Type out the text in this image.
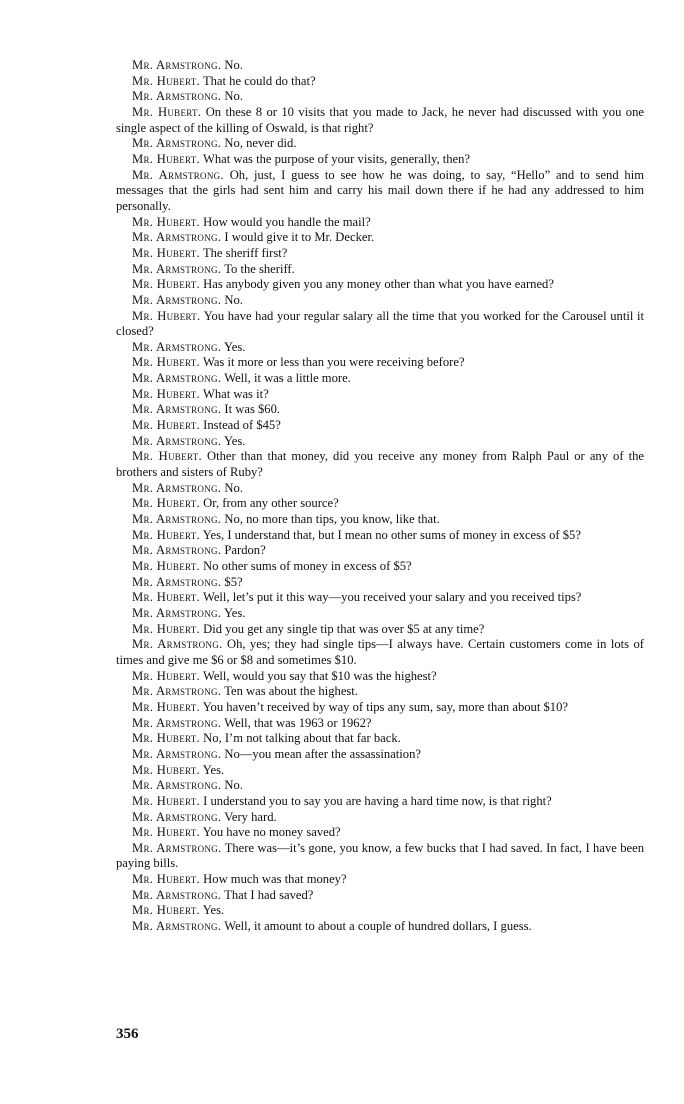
Mr. Armstrong. No.

Mr. Hubert. That he could do that?

Mr. Armstrong. No.

Mr. Hubert. On these 8 or 10 visits that you made to Jack, he never had discussed with you one single aspect of the killing of Oswald, is that right?

Mr. Armstrong. No, never did.

Mr. Hubert. What was the purpose of your visits, generally, then?

Mr. Armstrong. Oh, just, I guess to see how he was doing, to say, “Hello” and to send him messages that the girls had sent him and carry his mail down there if he had any addressed to him personally.

Mr. Hubert. How would you handle the mail?

Mr. Armstrong. I would give it to Mr. Decker.

Mr. Hubert. The sheriff first?

Mr. Armstrong. To the sheriff.

Mr. Hubert. Has anybody given you any money other than what you have earned?

Mr. Armstrong. No.

Mr. Hubert. You have had your regular salary all the time that you worked for the Carousel until it closed?

Mr. Armstrong. Yes.

Mr. Hubert. Was it more or less than you were receiving before?

Mr. Armstrong. Well, it was a little more.

Mr. Hubert. What was it?

Mr. Armstrong. It was $60.

Mr. Hubert. Instead of $45?

Mr. Armstrong. Yes.

Mr. Hubert. Other than that money, did you receive any money from Ralph Paul or any of the brothers and sisters of Ruby?

Mr. Armstrong. No.

Mr. Hubert. Or, from any other source?

Mr. Armstrong. No, no more than tips, you know, like that.

Mr. Hubert. Yes, I understand that, but I mean no other sums of money in excess of $5?

Mr. Armstrong. Pardon?

Mr. Hubert. No other sums of money in excess of $5?

Mr. Armstrong. $5?

Mr. Hubert. Well, let’s put it this way—you received your salary and you received tips?

Mr. Armstrong. Yes.

Mr. Hubert. Did you get any single tip that was over $5 at any time?

Mr. Armstrong. Oh, yes; they had single tips—I always have. Certain customers come in lots of times and give me $6 or $8 and sometimes $10.

Mr. Hubert. Well, would you say that $10 was the highest?

Mr. Armstrong. Ten was about the highest.

Mr. Hubert. You haven’t received by way of tips any sum, say, more than about $10?

Mr. Armstrong. Well, that was 1963 or 1962?

Mr. Hubert. No, I’m not talking about that far back.

Mr. Armstrong. No—you mean after the assassination?

Mr. Hubert. Yes.

Mr. Armstrong. No.

Mr. Hubert. I understand you to say you are having a hard time now, is that right?

Mr. Armstrong. Very hard.

Mr. Hubert. You have no money saved?

Mr. Armstrong. There was—it’s gone, you know, a few bucks that I had saved. In fact, I have been paying bills.

Mr. Hubert. How much was that money?

Mr. Armstrong. That I had saved?

Mr. Hubert. Yes.

Mr. Armstrong. Well, it amount to about a couple of hundred dollars, I guess.

356
